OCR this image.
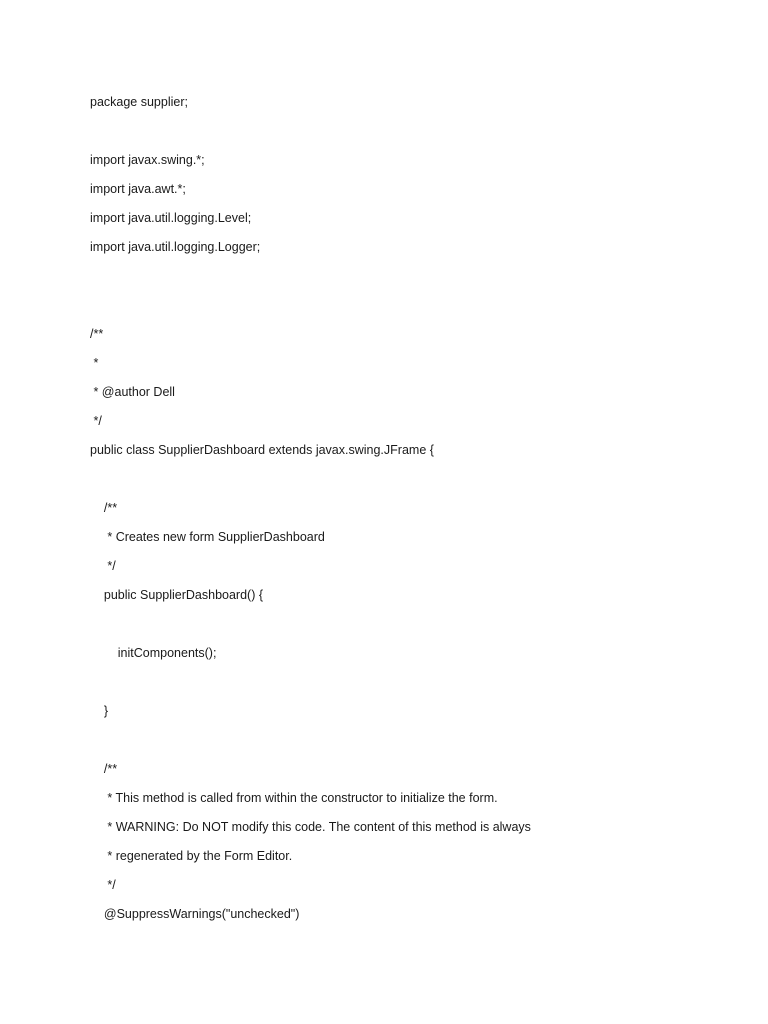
package supplier;
import javax.swing.*;
import java.awt.*;
import java.util.logging.Level;
import java.util.logging.Logger;
/**
*
* @author Dell
*/
public class SupplierDashboard extends javax.swing.JFrame {
/**
* Creates new form SupplierDashboard
*/
public SupplierDashboard() {
initComponents();
}
/**
* This method is called from within the constructor to initialize the form.
* WARNING: Do NOT modify this code. The content of this method is always
* regenerated by the Form Editor.
*/
@SuppressWarnings("unchecked")
